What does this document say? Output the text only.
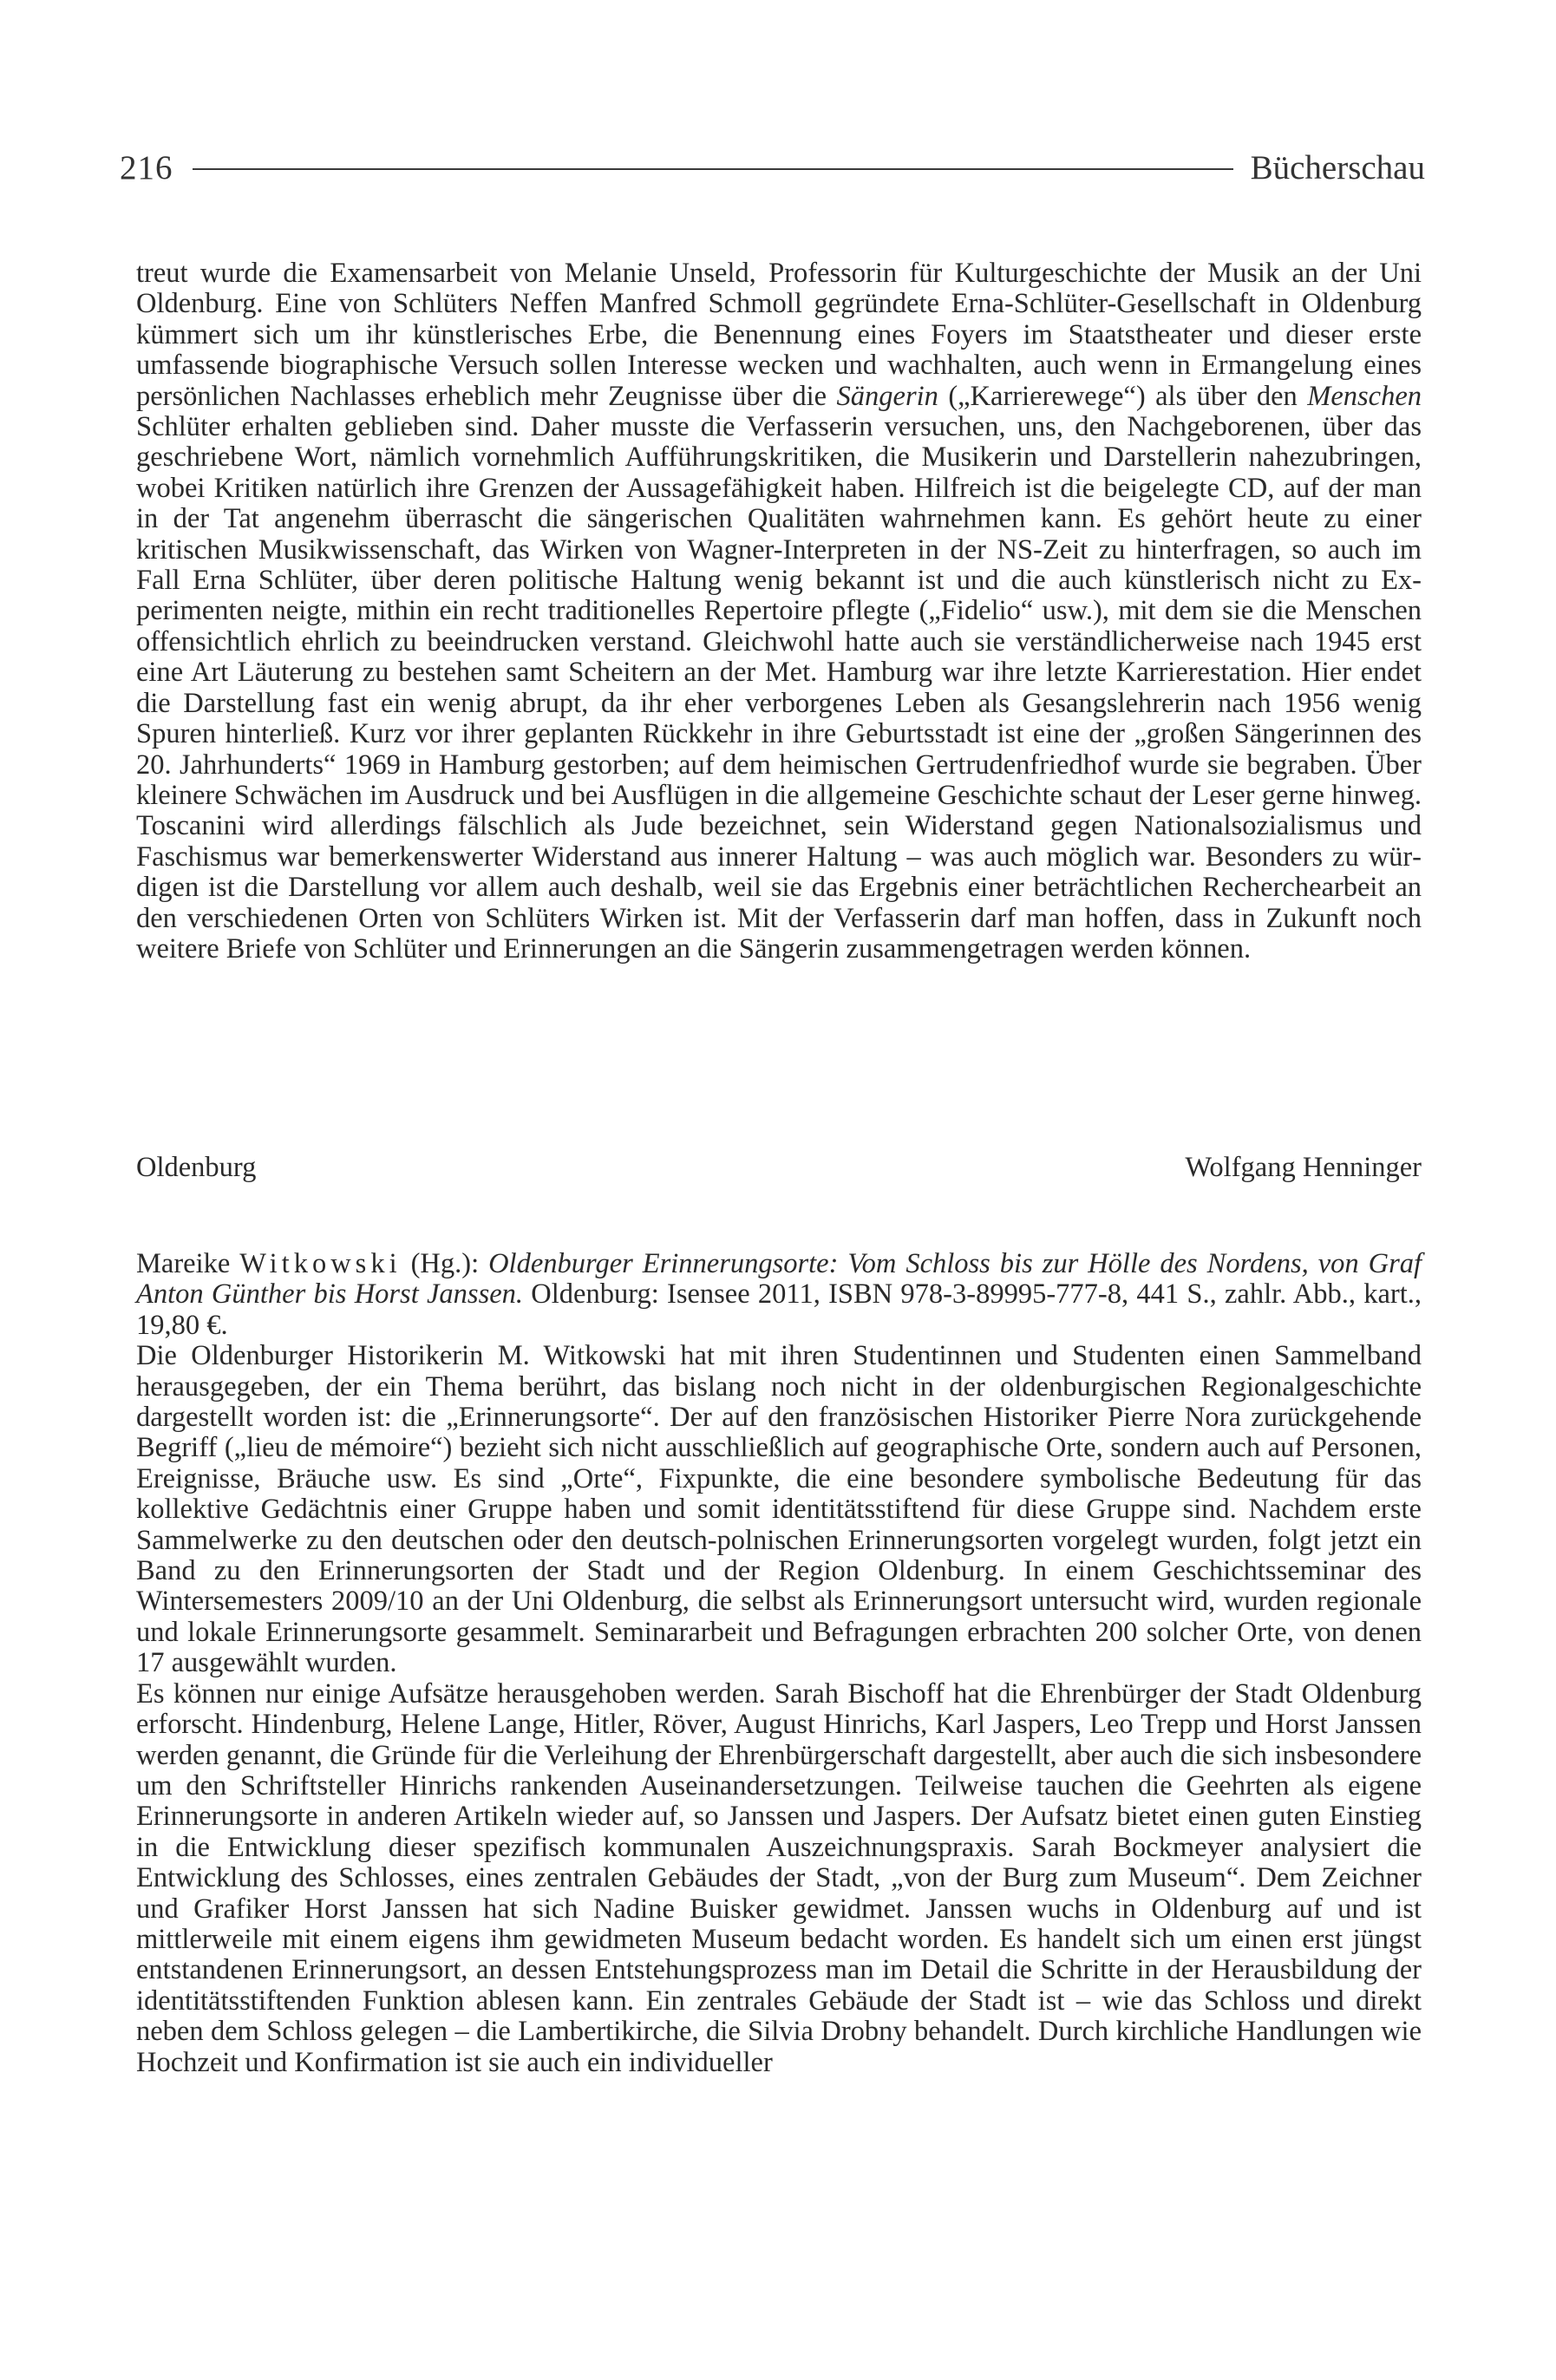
216	Bücherschau

treut wurde die Examensarbeit von Melanie Unseld, Professorin für Kulturgeschichte der Musik an der Uni Oldenburg. Eine von Schlüters Neffen Manfred Schmoll gegründete Erna-Schlüter-Gesellschaft in Oldenburg kümmert sich um ihr künstlerisches Erbe, die Benennung eines Foyers im Staatstheater und dieser erste umfassende biographische Versuch sollen Interesse wecken und wachhalten, auch wenn in Ermangelung eines persönlichen Nachlasses erheblich mehr Zeugnisse über die Sängerin („Karrierewege“) als über den Menschen Schlüter erhalten geblieben sind. Daher musste die Verfasserin versuchen, uns, den Nachgeborenen, über das geschriebene Wort, nämlich vornehmlich Aufführungskritiken, die Musikerin und Darstellerin nahezubringen, wobei Kritiken natürlich ihre Grenzen der Aussagefähigkeit haben. Hilfreich ist die beigelegte CD, auf der man in der Tat angenehm überrascht die sängerischen Qualitäten wahrnehmen kann. Es gehört heute zu einer kritischen Musikwissenschaft, das Wirken von Wagner-Interpreten in der NS-Zeit zu hinterfragen, so auch im Fall Erna Schlüter, über deren politische Haltung wenig bekannt ist und die auch künstlerisch nicht zu Experimenten neigte, mithin ein recht traditionelles Repertoire pflegte („Fidelio“ usw.), mit dem sie die Menschen offensichtlich ehrlich zu beeindrucken verstand. Gleichwohl hatte auch sie verständlicherweise nach 1945 erst eine Art Läuterung zu bestehen samt Scheitern an der Met. Hamburg war ihre letzte Karrierestation. Hier endet die Darstellung fast ein wenig abrupt, da ihr eher verborgenes Leben als Gesangslehrerin nach 1956 wenig Spuren hinterließ. Kurz vor ihrer geplanten Rückkehr in ihre Geburtsstadt ist eine der „großen Sängerinnen des 20. Jahrhunderts“ 1969 in Hamburg gestorben; auf dem heimischen Gertrudenfriedhof wurde sie begraben. Über kleinere Schwächen im Ausdruck und bei Ausflügen in die allgemeine Geschichte schaut der Leser gerne hinweg. Toscanini wird allerdings fälschlich als Jude bezeichnet, sein Widerstand gegen Nationalsozialismus und Faschismus war bemerkenswerter Widerstand aus innerer Haltung – was auch möglich war. Besonders zu würdigen ist die Darstellung vor allem auch deshalb, weil sie das Ergebnis einer beträchtlichen Recherchearbeit an den verschiedenen Orten von Schlüters Wirken ist. Mit der Verfasserin darf man hoffen, dass in Zukunft noch weitere Briefe von Schlüter und Erinnerungen an die Sängerin zusammengetragen werden können.

Oldenburg	Wolfgang Henninger

Mareike Witkowski (Hg.): Oldenburger Erinnerungsorte: Vom Schloss bis zur Hölle des Nordens, von Graf Anton Günther bis Horst Janssen. Oldenburg: Isensee 2011, ISBN 978-3-89995-777-8, 441 S., zahlr. Abb., kart., 19,80 €.

Die Oldenburger Historikerin M. Witkowski hat mit ihren Studentinnen und Studenten einen Sammelband herausgegeben, der ein Thema berührt, das bislang noch nicht in der oldenburgischen Regionalgeschichte dargestellt worden ist: die „Erinnerungsorte“. Der auf den französischen Historiker Pierre Nora zurückgehende Begriff („lieu de mémoire“) bezieht sich nicht ausschließlich auf geographische Orte, sondern auch auf Personen, Ereignisse, Bräuche usw. Es sind „Orte“, Fixpunkte, die eine besondere symbolische Bedeutung für das kollektive Gedächtnis einer Gruppe haben und somit identitätsstiftend für diese Gruppe sind. Nachdem erste Sammelwerke zu den deutschen oder den deutsch-polnischen Erinnerungsorten vorgelegt wurden, folgt jetzt ein Band zu den Erinnerungsorten der Stadt und der Region Oldenburg. In einem Geschichtsseminar des Wintersemesters 2009/10 an der Uni Oldenburg, die selbst als Erinnerungsort untersucht wird, wurden regionale und lokale Erinnerungsorte gesammelt. Seminararbeit und Befragungen erbrachten 200 solcher Orte, von denen 17 ausgewählt wurden.

Es können nur einige Aufsätze herausgehoben werden. Sarah Bischoff hat die Ehrenbürger der Stadt Oldenburg erforscht. Hindenburg, Helene Lange, Hitler, Röver, August Hinrichs, Karl Jaspers, Leo Trepp und Horst Janssen werden genannt, die Gründe für die Verleihung der Ehrenbürgerschaft dargestellt, aber auch die sich insbesondere um den Schriftsteller Hinrichs rankenden Auseinandersetzungen. Teilweise tauchen die Geehrten als eigene Erinnerungsorte in anderen Artikeln wieder auf, so Janssen und Jaspers. Der Aufsatz bietet einen guten Einstieg in die Entwicklung dieser spezifisch kommunalen Auszeichnungspraxis. Sarah Bockmeyer analysiert die Entwicklung des Schlosses, eines zentralen Gebäudes der Stadt, „von der Burg zum Museum“. Dem Zeichner und Grafiker Horst Janssen hat sich Nadine Buisker gewidmet. Janssen wuchs in Oldenburg auf und ist mittlerweile mit einem eigens ihm gewidmeten Museum bedacht worden. Es handelt sich um einen erst jüngst entstandenen Erinnerungsort, an dessen Entstehungsprozess man im Detail die Schritte in der Herausbildung der identitätsstiftenden Funktion ablesen kann. Ein zentrales Gebäude der Stadt ist – wie das Schloss und direkt neben dem Schloss gelegen – die Lambertikirche, die Silvia Drobny behandelt. Durch kirchliche Handlungen wie Hochzeit und Konfirmation ist sie auch ein individueller
